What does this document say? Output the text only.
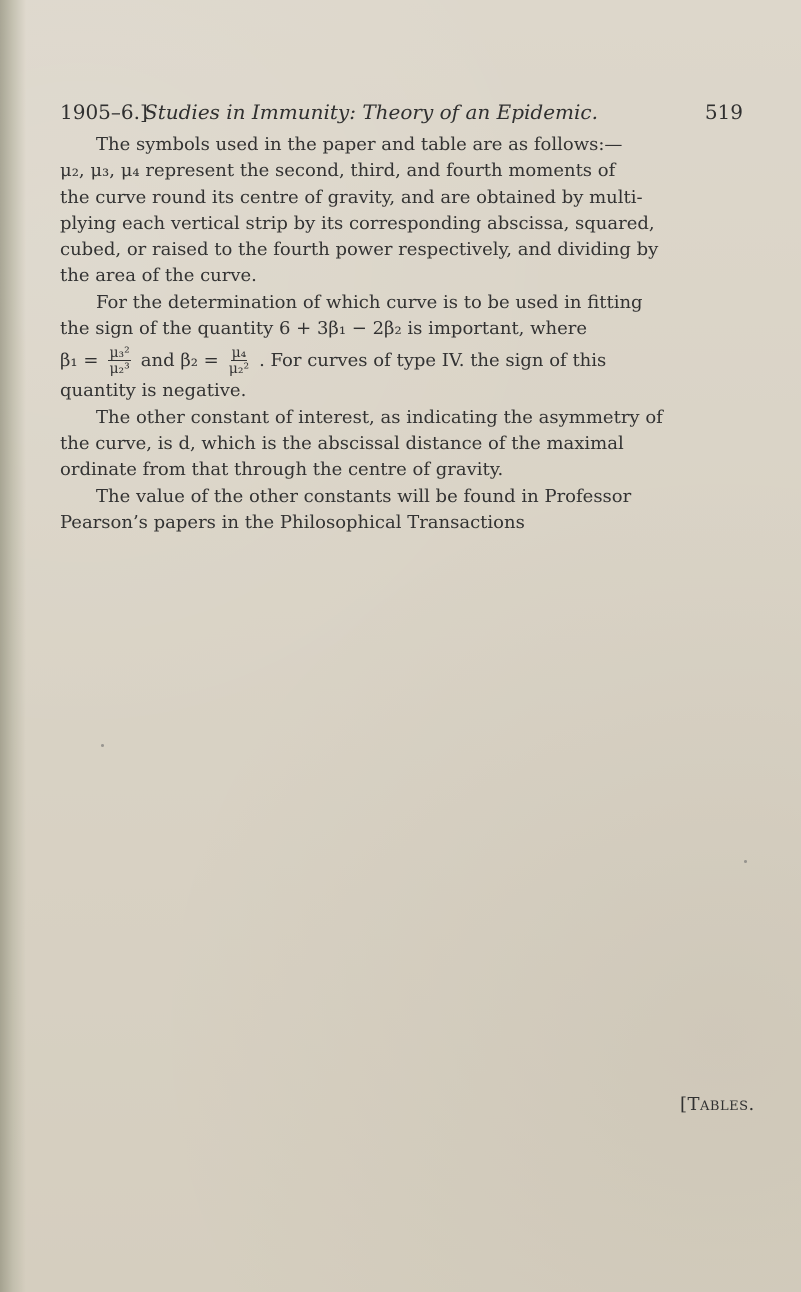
1905–6.]
Studies in Immunity: Theory of an Epidemic.	519

The symbols used in the paper and table are as follows:—
μ₂, μ₃, μ₄ represent the second, third, and fourth moments of
the curve round its centre of gravity, and are obtained by multi-
plying each vertical strip by its corresponding abscissa, squared,
cubed, or raised to the fourth power respectively, and dividing by
the area of the curve.

For the determination of which curve is to be used in fitting
the sign of the quantity 6 + 3β₁ − 2β₂ is important, where

$\beta_1 = \frac{\text{μ₃²}}{\text{μ₂³}}$ and $\beta_2 = \frac{\text{μ₄}}{\text{μ₂²}}$ . For curves of type IV. the sign of this

quantity is negative.

The other constant of interest, as indicating the asymmetry of
the curve, is d, which is the abscissal distance of the maximal
ordinate from that through the centre of gravity.

The value of the other constants will be found in Professor
Pearson’s papers in the Philosophical Transactions

[Tables.
